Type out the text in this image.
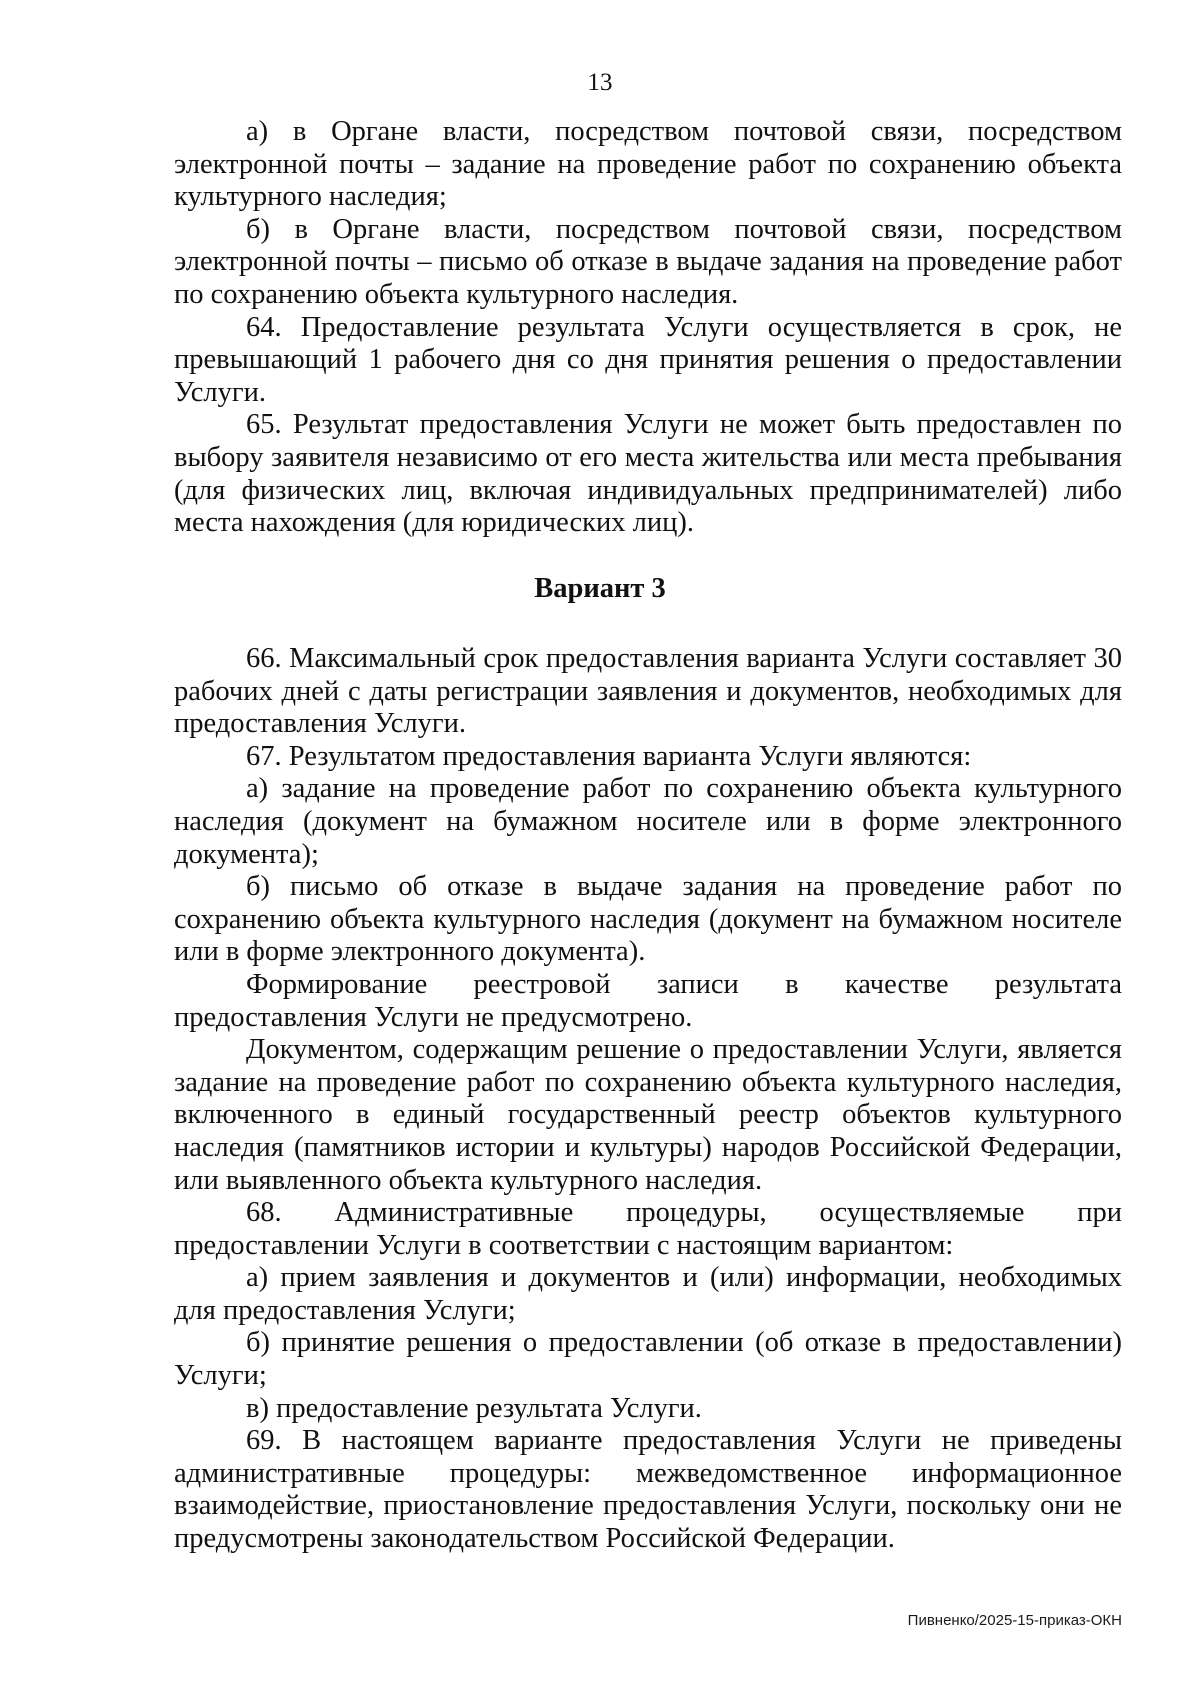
13

а) в Органе власти, посредством почтовой связи, посредством электронной почты – задание на проведение работ по сохранению объекта культурного наследия;

б) в Органе власти, посредством почтовой связи, посредством электронной почты – письмо об отказе в выдаче задания на проведение работ по сохранению объекта культурного наследия.

64. Предоставление результата Услуги осуществляется в срок, не превышающий 1 рабочего дня со дня принятия решения о предоставлении Услуги.

65. Результат предоставления Услуги не может быть предоставлен по выбору заявителя независимо от его места жительства или места пребывания (для физических лиц, включая индивидуальных предпринимателей) либо места нахождения (для юридических лиц).

Вариант 3

66. Максимальный срок предоставления варианта Услуги составляет 30 рабочих дней с даты регистрации заявления и документов, необходимых для предоставления Услуги.

67. Результатом предоставления варианта Услуги являются:

а) задание на проведение работ по сохранению объекта культурного наследия (документ на бумажном носителе или в форме электронного документа);

б) письмо об отказе в выдаче задания на проведение работ по сохранению объекта культурного наследия (документ на бумажном носителе или в форме электронного документа).

Формирование реестровой записи в качестве результата предоставления Услуги не предусмотрено.

Документом, содержащим решение о предоставлении Услуги, является задание на проведение работ по сохранению объекта культурного наследия, включенного в единый государственный реестр объектов культурного наследия (памятников истории и культуры) народов Российской Федерации, или выявленного объекта культурного наследия.

68. Административные процедуры, осуществляемые при предоставлении Услуги в соответствии с настоящим вариантом:

а) прием заявления и документов и (или) информации, необходимых для предоставления Услуги;

б) принятие решения о предоставлении (об отказе в предоставлении) Услуги;

в) предоставление результата Услуги.

69. В настоящем варианте предоставления Услуги не приведены административные процедуры: межведомственное информационное взаимодействие, приостановление предоставления Услуги, поскольку они не предусмотрены законодательством Российской Федерации.

Пивненко/2025-15-приказ-ОКН
